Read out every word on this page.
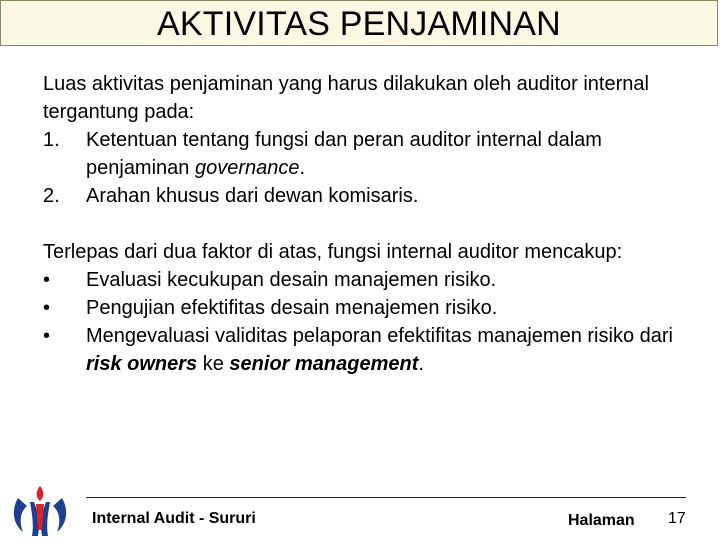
AKTIVITAS PENJAMINAN

Luas aktivitas penjaminan yang harus dilakukan oleh auditor internal tergantung pada:

1.	Ketentuan tentang fungsi dan peran auditor internal dalam penjaminan governance.
2.	Arahan khusus dari dewan komisaris.

Terlepas dari dua faktor di atas, fungsi internal auditor mencakup:

•	Evaluasi kecukupan desain manajemen risiko.
•	Pengujian efektifitas desain menajemen risiko.
•	Mengevaluasi validitas pelaporan efektifitas manajemen risiko dari risk owners ke senior management.
Internal Audit - Sururi	Halaman 17
